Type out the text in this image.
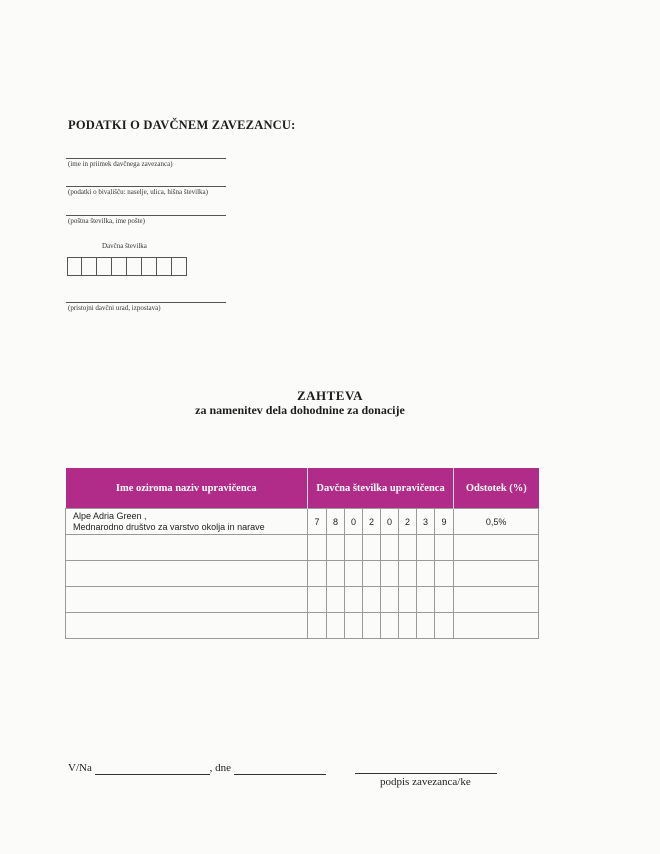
PODATKI O DAVČNEM ZAVEZANCU:
(ime in priimek davčnega zavezanca)
(podatki o bivališču: naselje, ulica, hišna številka)
(poštna številka, ime pošte)
Davčna številka
(pristojni davčni urad, izpostava)
ZAHTEVA
za namenitev dela dohodnine za donacije
Ime oziroma naziv upravičenca	Davčna številka upravičenca								Odstotek (%)
Alpe Adria Green ,
Mednarodno društvo za varstvo okolja in narave	7	8	0	2	0	2	3	9	0,5%

V/Na	, dne
podpis zavezanca/ke
